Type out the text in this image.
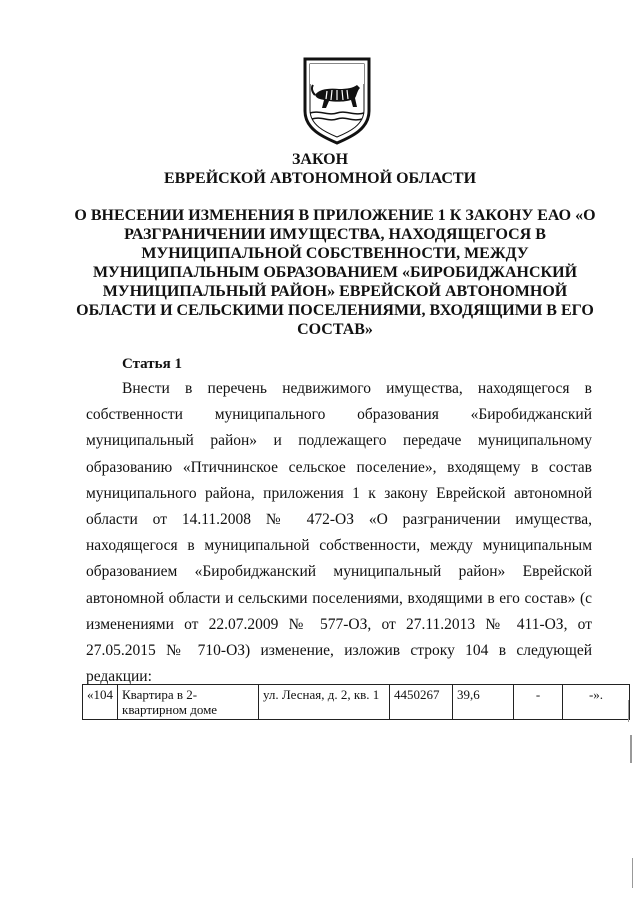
ЗАКОН

ЕВРЕЙСКОЙ АВТОНОМНОЙ ОБЛАСТИ

О ВНЕСЕНИИ ИЗМЕНЕНИЯ В ПРИЛОЖЕНИЕ 1 К ЗАКОНУ ЕАО «О РАЗГРАНИЧЕНИИ ИМУЩЕСТВА, НАХОДЯЩЕГОСЯ В МУНИЦИПАЛЬНОЙ СОБСТВЕННОСТИ, МЕЖДУ МУНИЦИПАЛЬНЫМ ОБРАЗОВАНИЕМ «БИРОБИДЖАНСКИЙ МУНИЦИПАЛЬНЫЙ РАЙОН» ЕВРЕЙСКОЙ АВТОНОМНОЙ ОБЛАСТИ И СЕЛЬСКИМИ ПОСЕЛЕНИЯМИ, ВХОДЯЩИМИ В ЕГО СОСТАВ»

Статья 1

Внести в перечень недвижимого имущества, находящегося в собственности муниципального образования «Биробиджанский муниципальный район» и подлежащего передаче муниципальному образованию «Птичнинское сельское поселение», входящему в состав муниципального района, приложения 1 к закону Еврейской автономной области от 14.11.2008 № 472-ОЗ «О разграничении имущества, находящегося в муниципальной собственности, между муниципальным образованием «Биробиджанский муниципальный район» Еврейской автономной области и сельскими поселениями, входящими в его состав» (с изменениями от 22.07.2009 № 577-ОЗ, от 27.11.2013 № 411-ОЗ, от 27.05.2015 № 710-ОЗ) изменение, изложив строку 104 в следующей редакции:

«104	Квартира в 2-квартирном доме	ул. Лесная, д. 2, кв. 1	4450267	39,6	-	-».
